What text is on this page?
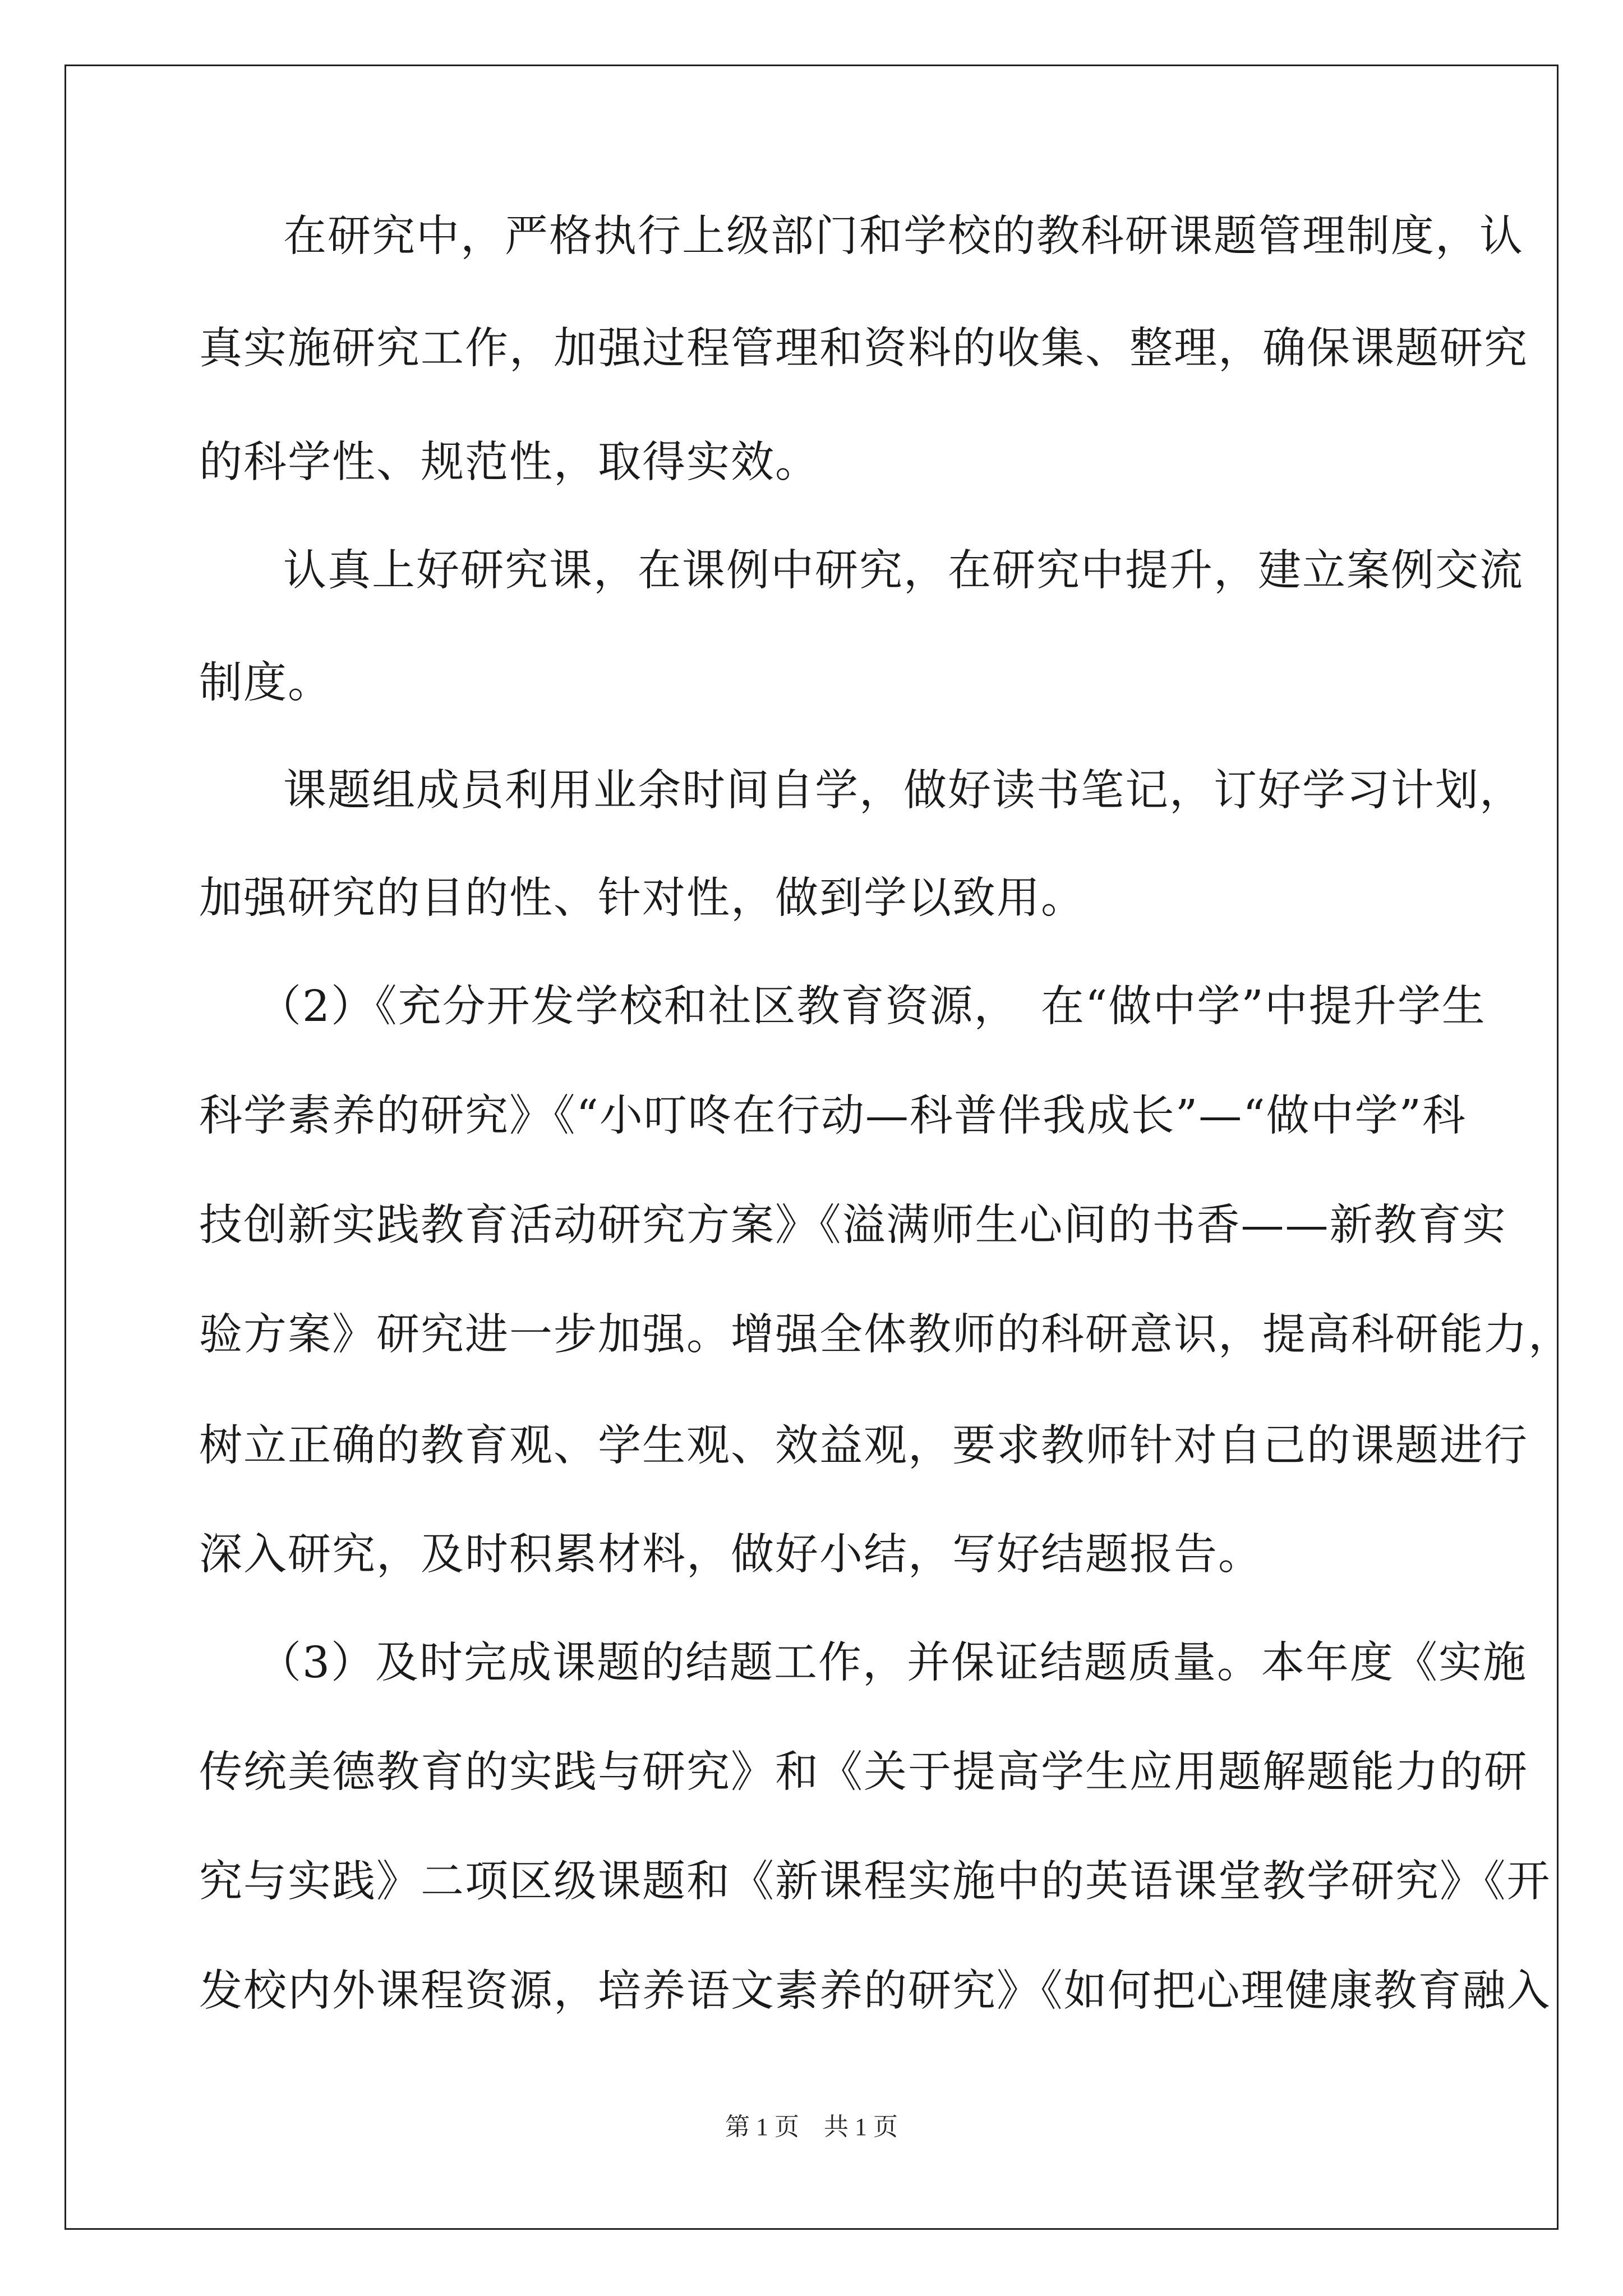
在研究中，严格执行上级部门和学校的教科研课题管理制度，认
真实施研究工作，加强过程管理和资料的收集、整理，确保课题研究
的科学性、规范性，取得实效。
认真上好研究课，在课例中研究，在研究中提升，建立案例交流
制度。
课题组成员利用业余时间自学，做好读书笔记，订好学习计划，
加强研究的目的性、针对性，做到学以致用。
（2）《充分开发学校和社区教育资源，　在“做中学”中提升学生
科学素养的研究》《“小叮咚在行动—科普伴我成长”—“做中学”科
技创新实践教育活动研究方案》《溢满师生心间的书香——新教育实
验方案》研究进一步加强。增强全体教师的科研意识，提高科研能力，
树立正确的教育观、学生观、效益观，要求教师针对自己的课题进行
深入研究，及时积累材料，做好小结，写好结题报告。
（3）及时完成课题的结题工作，并保证结题质量。本年度《实施
传统美德教育的实践与研究》和《关于提高学生应用题解题能力的研
究与实践》二项区级课题和《新课程实施中的英语课堂教学研究》《开
发校内外课程资源，培养语文素养的研究》《如何把心理健康教育融入
第 1 页　共 1 页
